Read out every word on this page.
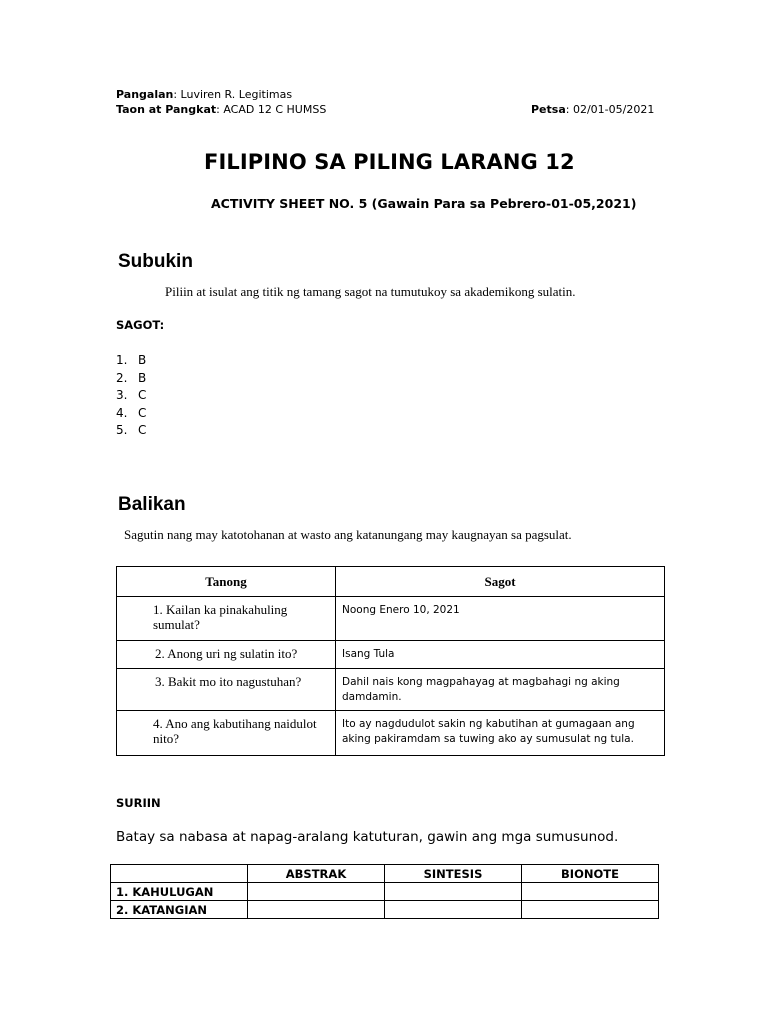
Pangalan: Luviren R. Legitimas
Taon at Pangkat: ACAD 12 C HUMSS	Petsa: 02/01-05/2021
FILIPINO SA PILING LARANG 12
ACTIVITY SHEET NO. 5 (Gawain Para sa Pebrero-01-05,2021)
Subukin
Piliin at isulat ang titik ng tamang sagot na tumutukoy sa akademikong sulatin.
SAGOT:
1. B
2. B
3. C
4. C
5. C
Balikan
Sagutin nang may katotohanan at wasto ang katanungang may kaugnayan sa pagsulat.
Tanong	Sagot
1. Kailan ka pinakahuling sumulat?	Noong Enero 10, 2021
2. Anong uri ng sulatin ito?	Isang Tula
3. Bakit mo ito nagustuhan?	Dahil nais kong magpahayag at magbahagi ng aking damdamin.
4. Ano ang kabutihang naidulot nito?	Ito ay nagdudulot sakin ng kabutihan at gumagaan ang aking pakiramdam sa tuwing ako ay sumusulat ng tula.
SURIIN
Batay sa nabasa at napag-aralang katuturan, gawin ang mga sumusunod.
	ABSTRAK	SINTESIS	BIONOTE
1. KAHULUGAN			
2. KATANGIAN			
